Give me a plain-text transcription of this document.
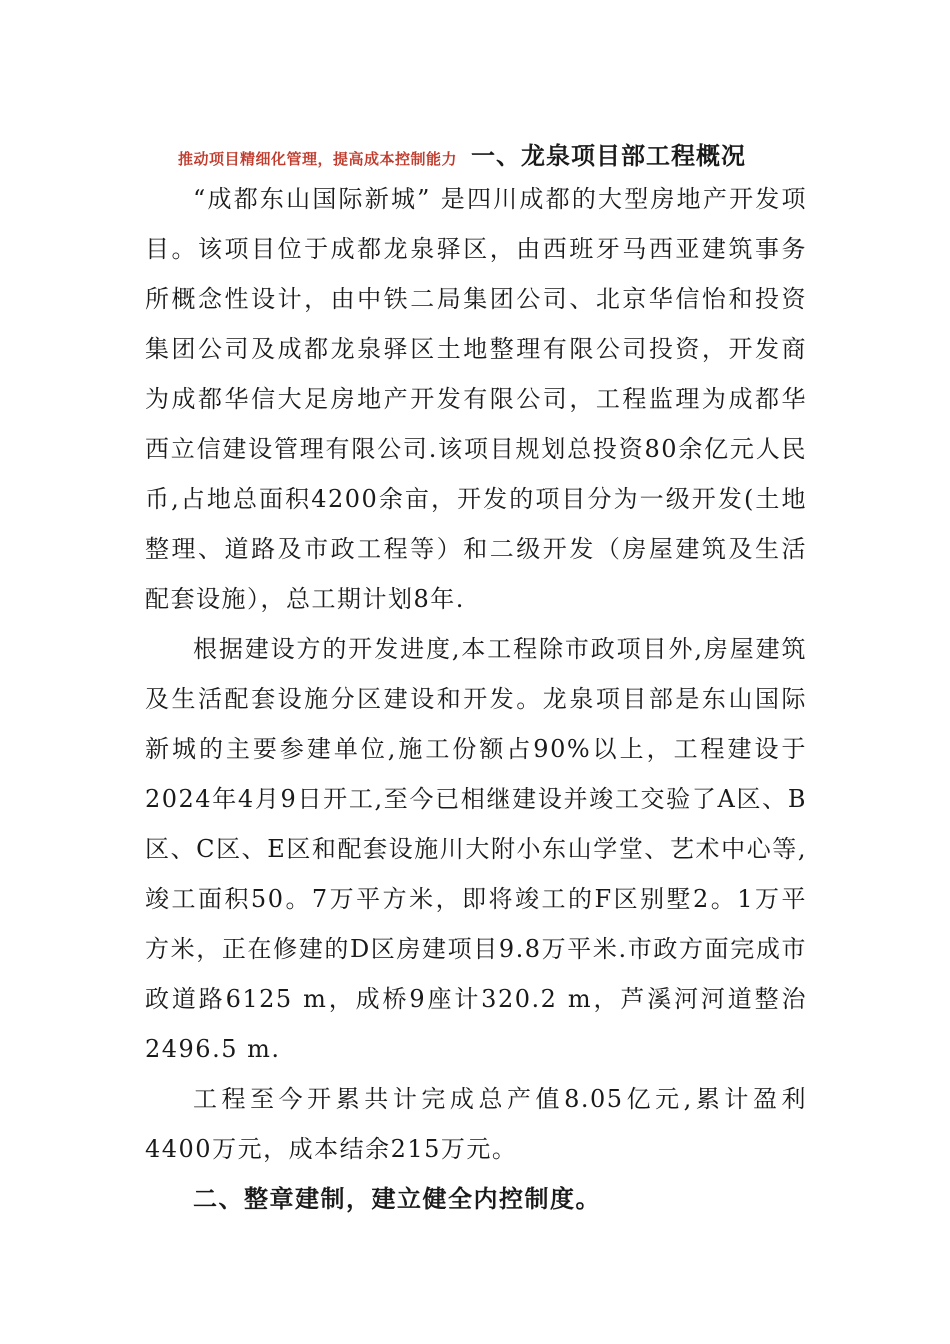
推动项目精细化管理，提高成本控制能力 一、龙泉项目部工程概况

“成都东山国际新城” 是四川成都的大型房地产开发项目。该项目位于成都龙泉驿区，由西班牙马西亚建筑事务所概念性设计，由中铁二局集团公司、北京华信怡和投资集团公司及成都龙泉驿区土地整理有限公司投资，开发商为成都华信大足房地产开发有限公司，工程监理为成都华西立信建设管理有限公司.该项目规划总投资80余亿元人民币,占地总面积4200余亩，开发的项目分为一级开发(土地整理、道路及市政工程等）和二级开发（房屋建筑及生活配套设施），总工期计划8年.

根据建设方的开发进度,本工程除市政项目外,房屋建筑及生活配套设施分区建设和开发。龙泉项目部是东山国际新城的主要参建单位,施工份额占90%以上，工程建设于2024年4月9日开工,至今已相继建设并竣工交验了A区、B区、C区、E区和配套设施川大附小东山学堂、艺术中心等,竣工面积50。7万平方米，即将竣工的F区别墅2。1万平方米，正在修建的D区房建项目9.8万平米.市政方面完成市政道路6125 m，成桥9座计320.2 m，芦溪河河道整治2496.5 m.

工程至今开累共计完成总产值8.05亿元,累计盈利4400万元，成本结余215万元。

二、整章建制，建立健全内控制度。
